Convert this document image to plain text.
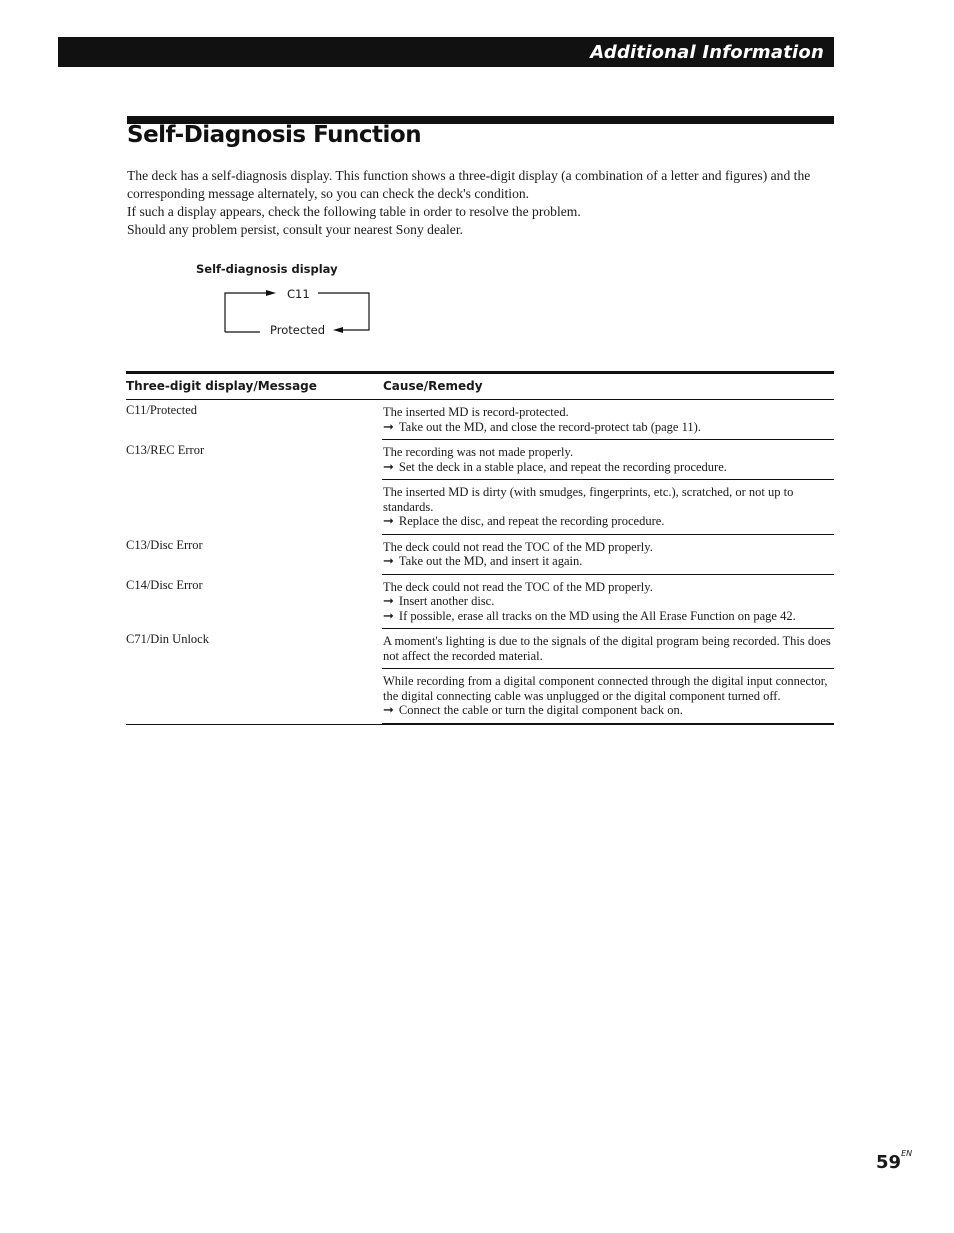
Additional Information
Self-Diagnosis Function

The deck has a self-diagnosis display. This function shows a three-digit display (a combination of a letter and figures) and the corresponding message alternately, so you can check the deck's condition.

If such a display appears, check the following table in order to resolve the problem.

Should any problem persist, consult your nearest Sony dealer.

Self-diagnosis display
C11
Protected
Three-digit display/Message	Cause/Remedy
C11/Protected	The inserted MD is record-protected.
➞ Take out the MD, and close the record-protect tab (page 11).
C13/REC Error	The recording was not made properly.
➞ Set the deck in a stable place, and repeat the recording procedure.
The inserted MD is dirty (with smudges, fingerprints, etc.), scratched, or not up to standards.
➞ Replace the disc, and repeat the recording procedure.
C13/Disc Error	The deck could not read the TOC of the MD properly.
➞ Take out the MD, and insert it again.
C14/Disc Error	The deck could not read the TOC of the MD properly.
➞ Insert another disc.
➞ If possible, erase all tracks on the MD using the All Erase Function on page 42.
C71/Din Unlock	A moment's lighting is due to the signals of the digital program being recorded. This does not affect the recorded material.
While recording from a digital component connected through the digital input connector, the digital connecting cable was unplugged or the digital component turned off.
➞ Connect the cable or turn the digital component back on.
$59^{EN}$
